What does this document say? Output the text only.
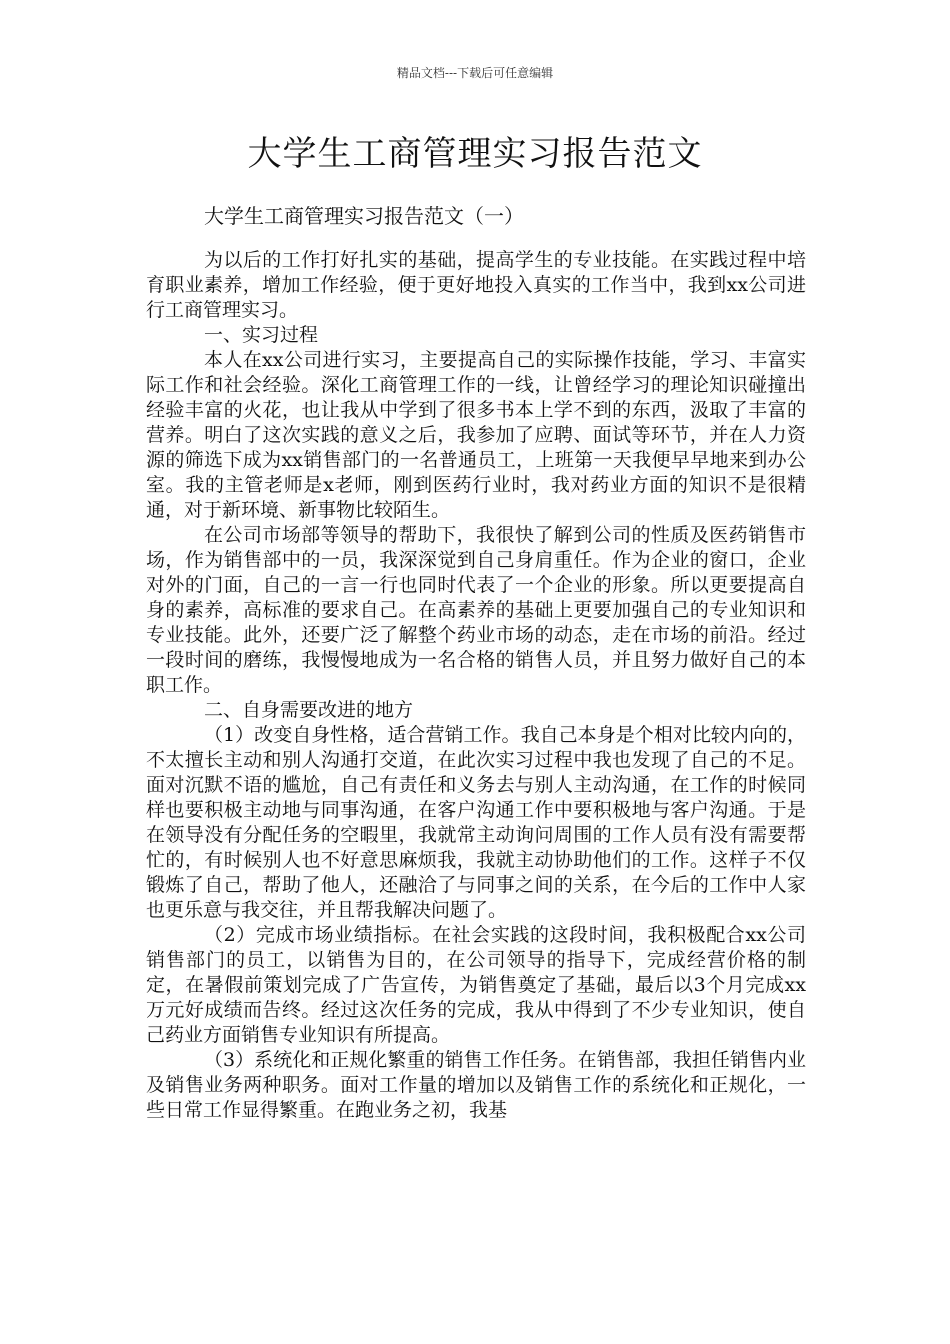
精品文档---下载后可任意编辑
大学生工商管理实习报告范文
大学生工商管理实习报告范文（一）

为以后的工作打好扎实的基础，提高学生的专业技能。在实践过程中培育职业素养，增加工作经验，便于更好地投入真实的工作当中，我到xx公司进行工商管理实习。

一、实习过程

本人在xx公司进行实习，主要提高自己的实际操作技能，学习、丰富实际工作和社会经验。深化工商管理工作的一线，让曾经学习的理论知识碰撞出经验丰富的火花，也让我从中学到了很多书本上学不到的东西，汲取了丰富的营养。明白了这次实践的意义之后，我参加了应聘、面试等环节，并在人力资源的筛选下成为xx销售部门的一名普通员工，上班第一天我便早早地来到办公室。我的主管老师是x老师，刚到医药行业时，我对药业方面的知识不是很精通，对于新环境、新事物比较陌生。

在公司市场部等领导的帮助下，我很快了解到公司的性质及医药销售市场，作为销售部中的一员，我深深觉到自己身肩重任。作为企业的窗口，企业对外的门面，自己的一言一行也同时代表了一个企业的形象。所以更要提高自身的素养，高标准的要求自己。在高素养的基础上更要加强自己的专业知识和专业技能。此外，还要广泛了解整个药业市场的动态，走在市场的前沿。经过一段时间的磨练，我慢慢地成为一名合格的销售人员，并且努力做好自己的本职工作。

二、自身需要改进的地方

（1）改变自身性格，适合营销工作。我自己本身是个相对比较内向的，不太擅长主动和别人沟通打交道，在此次实习过程中我也发现了自己的不足。面对沉默不语的尴尬，自己有责任和义务去与别人主动沟通，在工作的时候同样也要积极主动地与同事沟通，在客户沟通工作中要积极地与客户沟通。于是在领导没有分配任务的空暇里，我就常主动询问周围的工作人员有没有需要帮忙的，有时候别人也不好意思麻烦我，我就主动协助他们的工作。这样子不仅锻炼了自己，帮助了他人，还融洽了与同事之间的关系，在今后的工作中人家也更乐意与我交往，并且帮我解决问题了。

（2）完成市场业绩指标。在社会实践的这段时间，我积极配合xx公司销售部门的员工，以销售为目的，在公司领导的指导下，完成经营价格的制定，在暑假前策划完成了广告宣传，为销售奠定了基础，最后以3个月完成xx万元好成绩而告终。经过这次任务的完成，我从中得到了不少专业知识，使自己药业方面销售专业知识有所提高。

（3）系统化和正规化繁重的销售工作任务。在销售部，我担任销售内业及销售业务两种职务。面对工作量的增加以及销售工作的系统化和正规化，一些日常工作显得繁重。在跑业务之初，我基
